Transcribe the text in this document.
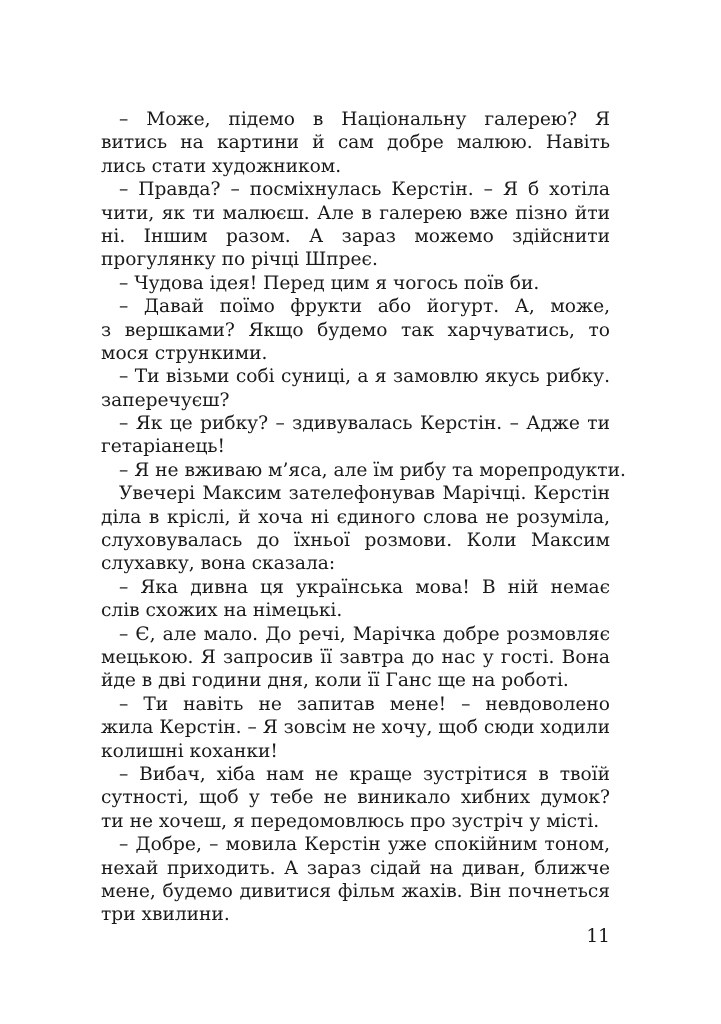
– Може, підемо в Національну галерею? Я
витись на картини й сам добре малюю. Навіть
лись стати художником.
– Правда? – посміхнулась Керстін. – Я б хотіла
чити, як ти малюєш. Але в галерею вже пізно йти
ні. Іншим разом. А зараз можемо здійснити
прогулянку по річці Шпреє.
– Чудова ідея! Перед цим я чогось поїв би.
– Давай поїмо фрукти або йогурт. А, може,
з вершками? Якщо будемо так харчуватись, то
мося стрункими.
– Ти візьми собі суниці, а я замовлю якусь рибку.
заперечуєш?
– Як це рибку? – здивувалась Керстін. – Адже ти
гетаріанець!
– Я не вживаю м’яса, але їм рибу та морепродукти.
Увечері Максим зателефонував Марічці. Керстін
діла в кріслі, й хоча ні єдиного слова не розуміла,
слуховувалась до їхньої розмови. Коли Максим
слухавку, вона сказала:
– Яка дивна ця українська мова! В ній немає
слів схожих на німецькі.
– Є, але мало. До речі, Марічка добре розмовляє
мецькою. Я запросив її завтра до нас у гості. Вона
йде в дві години дня, коли її Ганс ще на роботі.
– Ти навіть не запитав мене! – невдоволено
жила Керстін. – Я зовсім не хочу, щоб сюди ходили
колишні коханки!
– Вибач, хіба нам не краще зустрітися в твоїй
сутності, щоб у тебе не виникало хибних думок?
ти не хочеш, я передомовлюсь про зустріч у місті.
– Добре, – мовила Керстін уже спокійним тоном,
нехай приходить. А зараз сідай на диван, ближче
мене, будемо дивитися фільм жахів. Він почнеться
три хвилини.
11
